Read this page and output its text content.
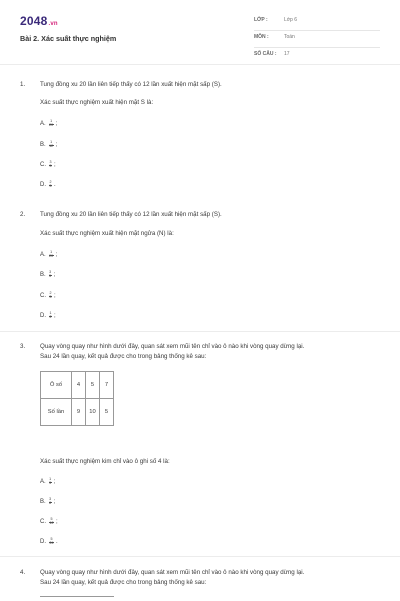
2048.vn
Bài 2. Xác suất thực nghiệm
LỚP :	Lớp 6
MÔN :	Toán
SỐ CÂU : 17
1. Tung đồng xu 20 lần liên tiếp thấy có 12 lần xuất hiện mặt sấp (S).
Xác suất thực nghiệm xuất hiện mặt S là:
A. $\frac{1}{20}$ ;
B. $\frac{1}{12}$ ;
C. $\frac{3}{5}$ ;
D. $\frac{2}{5}$ .
2. Tung đồng xu 20 lần liên tiếp thấy có 12 lần xuất hiện mặt sấp (S).
Xác suất thực nghiệm xuất hiện mặt ngửa (N) là:
A. $\frac{1}{20}$ ;
B. $\frac{3}{5}$ ;
C. $\frac{2}{5}$ ;
D. $\frac{1}{2}$ ;
3. Quay vòng quay như hình dưới đây, quan sát xem mũi tên chỉ vào ô nào khi vòng quay dừng lại.
Sau 24 lần quay, kết quả được cho trong bảng thống kê sau:
Ô số	4	5	7
Số lần	9	10	5
Xác suất thực nghiệm kim chỉ vào ô ghi số 4 là:
A. $\frac{1}{3}$ ;
B. $\frac{3}{8}$ ;
C. $\frac{5}{12}$ ;
D. $\frac{5}{24}$ .
4. Quay vòng quay như hình dưới đây, quan sát xem mũi tên chỉ vào ô nào khi vòng quay dừng lại.
Sau 24 lần quay, kết quả được cho trong bảng thống kê sau:
